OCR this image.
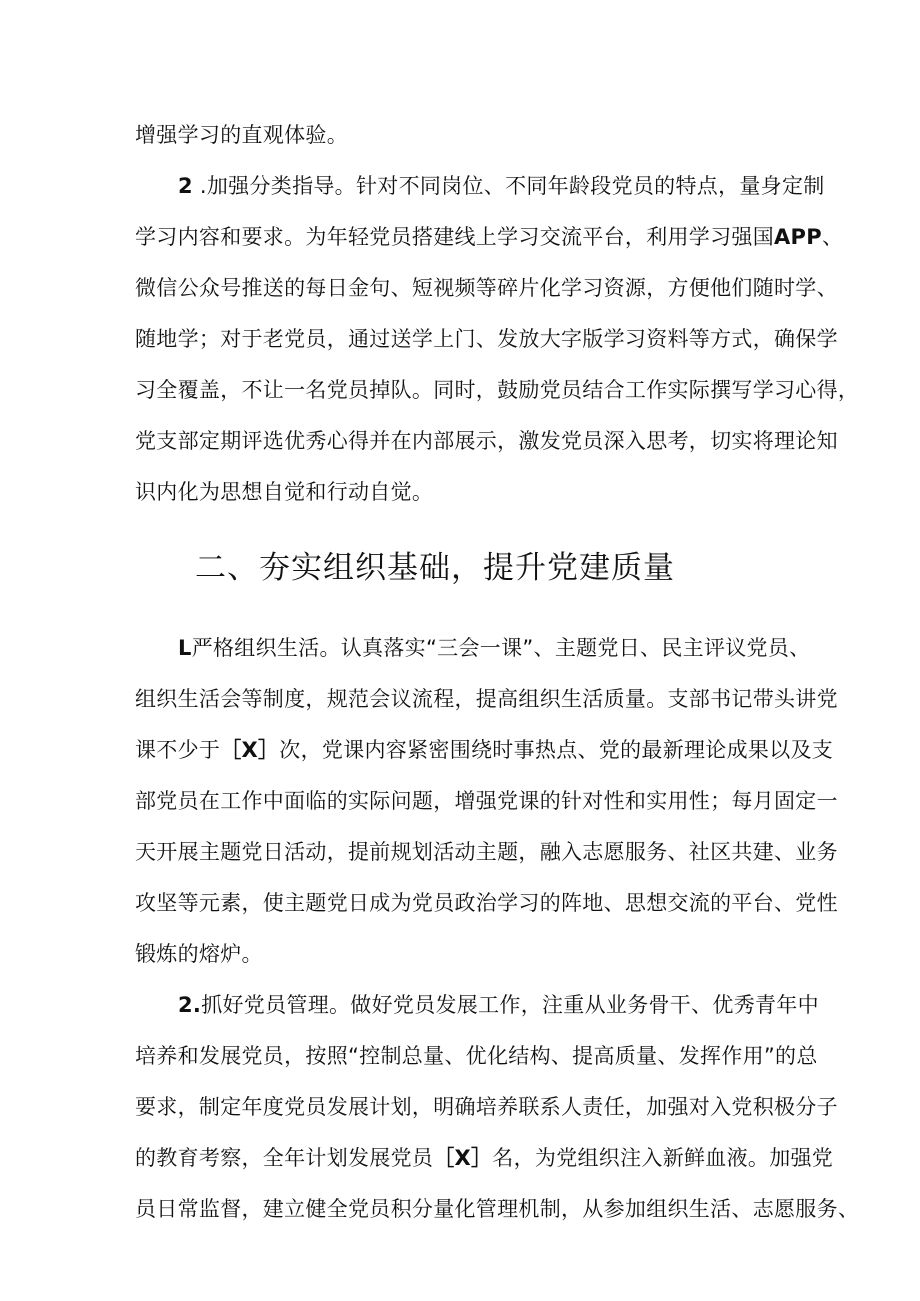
增强学习的直观体验。
2 .加强分类指导。针对不同岗位、不同年龄段党员的特点，量身定制
学习内容和要求。为年轻党员搭建线上学习交流平台，利用学习强国APP、
微信公众号推送的每日金句、短视频等碎片化学习资源，方便他们随时学、
随地学；对于老党员，通过送学上门、发放大字版学习资料等方式，确保学
习全覆盖，不让一名党员掉队。同时，鼓励党员结合工作实际撰写学习心得，
党支部定期评选优秀心得并在内部展示，激发党员深入思考，切实将理论知
识内化为思想自觉和行动自觉。
二、夯实组织基础，提升党建质量
L严格组织生活。认真落实“三会一课”、主题党日、民主评议党员、
组织生活会等制度，规范会议流程，提高组织生活质量。支部书记带头讲党
课不少于［X］次，党课内容紧密围绕时事热点、党的最新理论成果以及支
部党员在工作中面临的实际问题，增强党课的针对性和实用性；每月固定一
天开展主题党日活动，提前规划活动主题，融入志愿服务、社区共建、业务
攻坚等元素，使主题党日成为党员政治学习的阵地、思想交流的平台、党性
锻炼的熔炉。
2.抓好党员管理。做好党员发展工作，注重从业务骨干、优秀青年中
培养和发展党员，按照“控制总量、优化结构、提高质量、发挥作用”的总
要求，制定年度党员发展计划，明确培养联系人责任，加强对入党积极分子
的教育考察，全年计划发展党员［X］名，为党组织注入新鲜血液。加强党
员日常监督，建立健全党员积分量化管理机制，从参加组织生活、志愿服务、
